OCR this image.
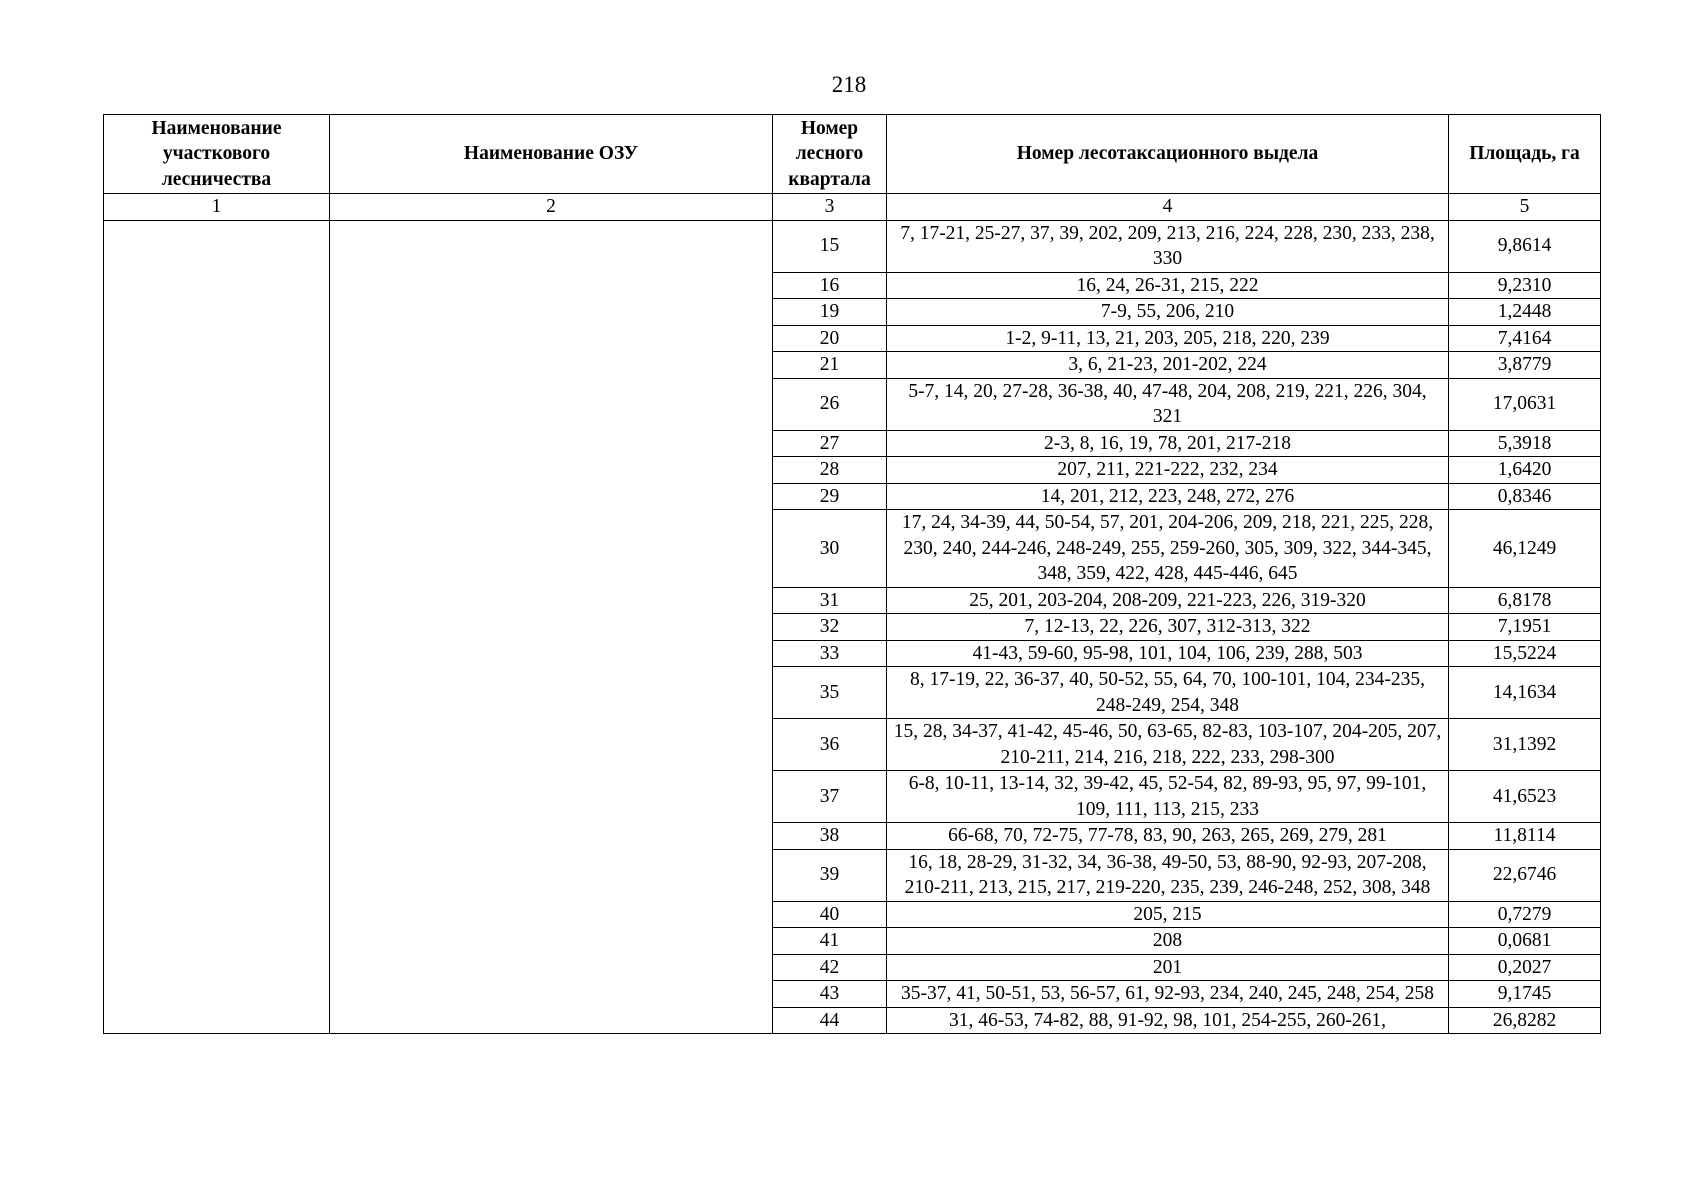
218
Наименование участкового лесничества	Наименование ОЗУ	Номер лесного квартала	Номер лесотаксационного выдела	Площадь, га
1	2	3	4	5
		15	7, 17-21, 25-27, 37, 39, 202, 209, 213, 216, 224, 228, 230, 233, 238, 330	9,8614
		16	16, 24, 26-31, 215, 222	9,2310
		19	7-9, 55, 206, 210	1,2448
		20	1-2, 9-11, 13, 21, 203, 205, 218, 220, 239	7,4164
		21	3, 6, 21-23, 201-202, 224	3,8779
		26	5-7, 14, 20, 27-28, 36-38, 40, 47-48, 204, 208, 219, 221, 226, 304, 321	17,0631
		27	2-3, 8, 16, 19, 78, 201, 217-218	5,3918
		28	207, 211, 221-222, 232, 234	1,6420
		29	14, 201, 212, 223, 248, 272, 276	0,8346
		30	17, 24, 34-39, 44, 50-54, 57, 201, 204-206, 209, 218, 221, 225, 228, 230, 240, 244-246, 248-249, 255, 259-260, 305, 309, 322, 344-345, 348, 359, 422, 428, 445-446, 645	46,1249
		31	25, 201, 203-204, 208-209, 221-223, 226, 319-320	6,8178
		32	7, 12-13, 22, 226, 307, 312-313, 322	7,1951
		33	41-43, 59-60, 95-98, 101, 104, 106, 239, 288, 503	15,5224
		35	8, 17-19, 22, 36-37, 40, 50-52, 55, 64, 70, 100-101, 104, 234-235, 248-249, 254, 348	14,1634
		36	15, 28, 34-37, 41-42, 45-46, 50, 63-65, 82-83, 103-107, 204-205, 207, 210-211, 214, 216, 218, 222, 233, 298-300	31,1392
		37	6-8, 10-11, 13-14, 32, 39-42, 45, 52-54, 82, 89-93, 95, 97, 99-101, 109, 111, 113, 215, 233	41,6523
		38	66-68, 70, 72-75, 77-78, 83, 90, 263, 265, 269, 279, 281	11,8114
		39	16, 18, 28-29, 31-32, 34, 36-38, 49-50, 53, 88-90, 92-93, 207-208, 210-211, 213, 215, 217, 219-220, 235, 239, 246-248, 252, 308, 348	22,6746
		40	205, 215	0,7279
		41	208	0,0681
		42	201	0,2027
		43	35-37, 41, 50-51, 53, 56-57, 61, 92-93, 234, 240, 245, 248, 254, 258	9,1745
		44	31, 46-53, 74-82, 88, 91-92, 98, 101, 254-255, 260-261,	26,8282
